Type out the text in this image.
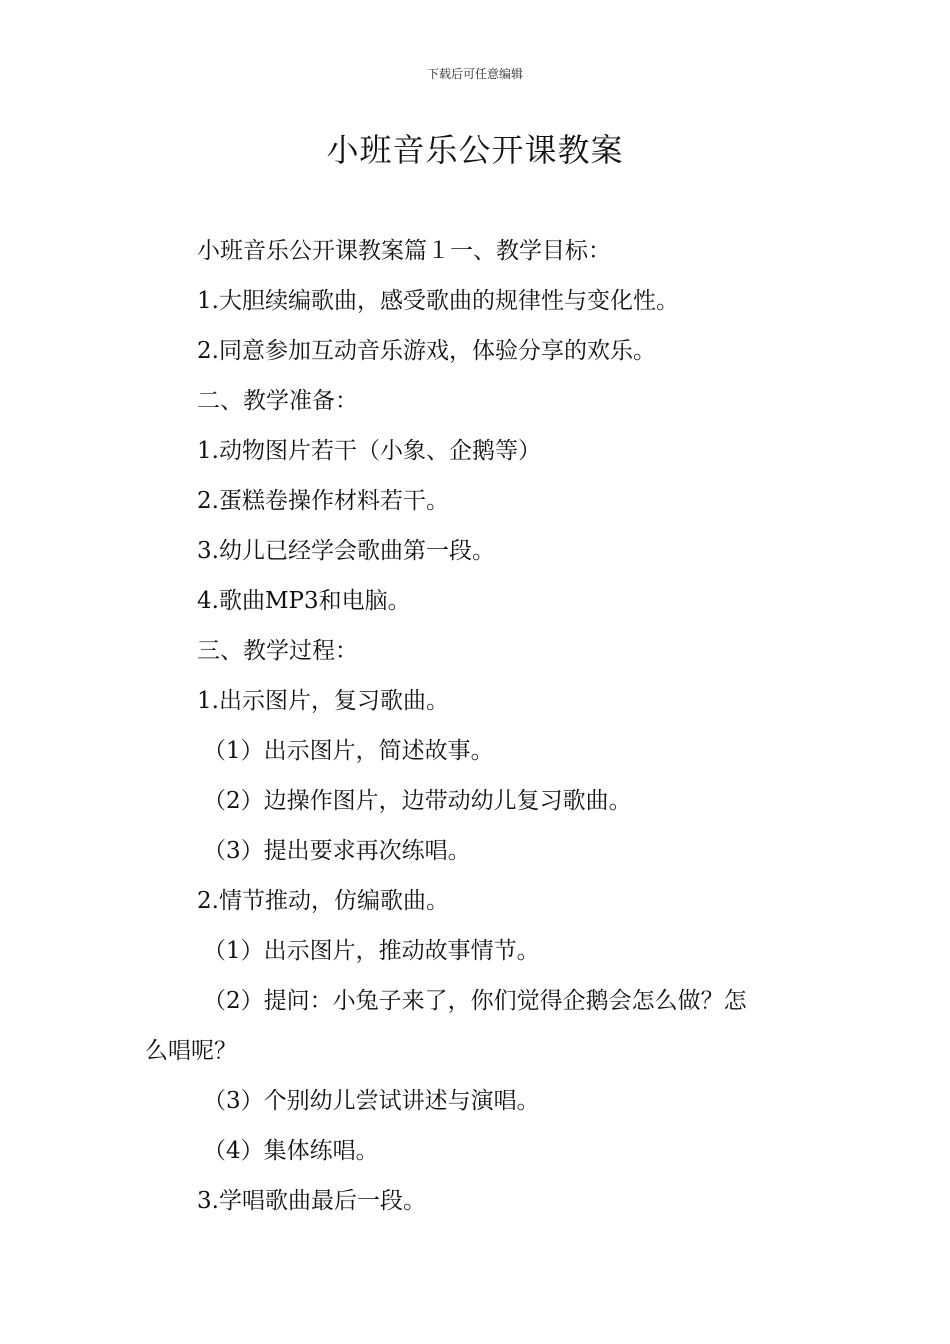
下载后可任意编辑
小班音乐公开课教案

小班音乐公开课教案篇１一、教学目标：

1.大胆续编歌曲，感受歌曲的规律性与变化性。

2.同意参加互动音乐游戏，体验分享的欢乐。

二、教学准备：

1.动物图片若干（小象、企鹅等）

2.蛋糕卷操作材料若干。

3.幼儿已经学会歌曲第一段。

4.歌曲MP3和电脑。

三、教学过程：

1.出示图片，复习歌曲。

（1）出示图片，简述故事。

（2）边操作图片，边带动幼儿复习歌曲。

（3）提出要求再次练唱。

2.情节推动，仿编歌曲。

（1）出示图片，推动故事情节。

（2）提问：小兔子来了，你们觉得企鹅会怎么做？怎

么唱呢？

（3）个别幼儿尝试讲述与演唱。

（4）集体练唱。

3.学唱歌曲最后一段。
